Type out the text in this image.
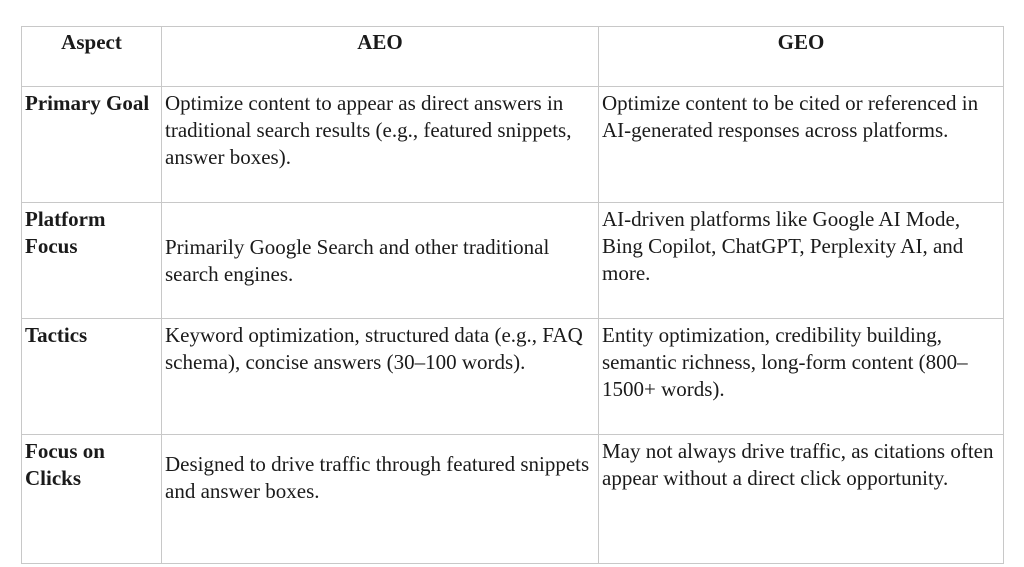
Aspect	AEO	GEO
Primary Goal	Optimize content to appear as direct answers in traditional search results (e.g., featured snippets, answer boxes).	Optimize content to be cited or referenced in AI-generated responses across platforms.
Platform Focus	Primarily Google Search and other traditional search engines.	AI-driven platforms like Google AI Mode, Bing Copilot, ChatGPT, Perplexity AI, and more.
Tactics	Keyword optimization, structured data (e.g., FAQ schema), concise answers (30–100 words).	Entity optimization, credibility building, semantic richness, long-form content (800–1500+ words).
Focus on Clicks	Designed to drive traffic through featured snippets and answer boxes.	May not always drive traffic, as citations often appear without a direct click opportunity.
